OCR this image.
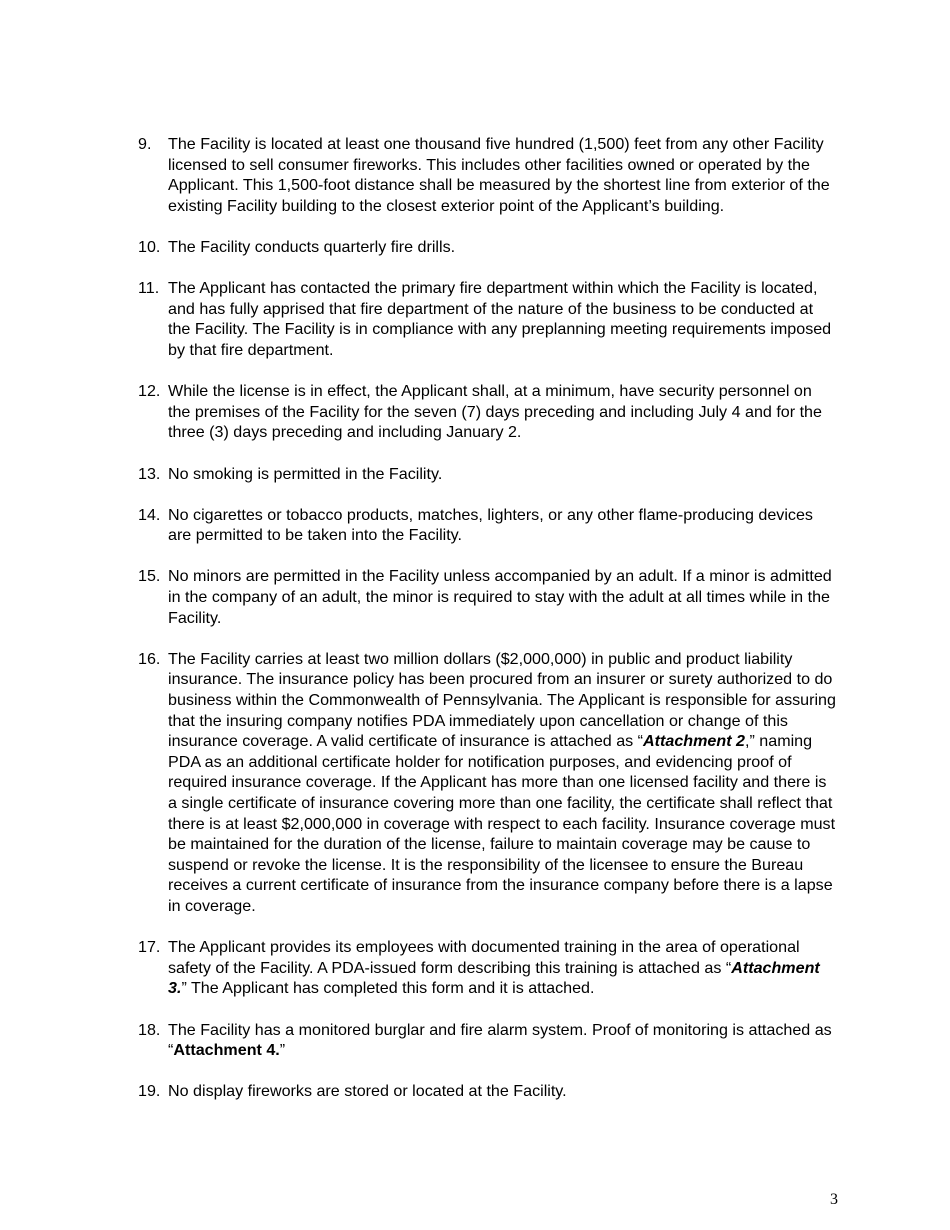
9.	The Facility is located at least one thousand five hundred (1,500) feet from any other Facility licensed to sell consumer fireworks. This includes other facilities owned or operated by the Applicant. This 1,500-foot distance shall be measured by the shortest line from exterior of the existing Facility building to the closest exterior point of the Applicant’s building.
10. The Facility conducts quarterly fire drills.
11. The Applicant has contacted the primary fire department within which the Facility is located, and has fully apprised that fire department of the nature of the business to be conducted at the Facility. The Facility is in compliance with any preplanning meeting requirements imposed by that fire department.
12. While the license is in effect, the Applicant shall, at a minimum, have security personnel on the premises of the Facility for the seven (7) days preceding and including July 4 and for the three (3) days preceding and including January 2.
13. No smoking is permitted in the Facility.
14. No cigarettes or tobacco products, matches, lighters, or any other flame-producing devices are permitted to be taken into the Facility.
15. No minors are permitted in the Facility unless accompanied by an adult. If a minor is admitted in the company of an adult, the minor is required to stay with the adult at all times while in the Facility.
16. The Facility carries at least two million dollars ($2,000,000) in public and product liability insurance. The insurance policy has been procured from an insurer or surety authorized to do business within the Commonwealth of Pennsylvania. The Applicant is responsible for assuring that the insuring company notifies PDA immediately upon cancellation or change of this insurance coverage. A valid certificate of insurance is attached as “Attachment 2,” naming PDA as an additional certificate holder for notification purposes, and evidencing proof of required insurance coverage. If the Applicant has more than one licensed facility and there is a single certificate of insurance covering more than one facility, the certificate shall reflect that there is at least $2,000,000 in coverage with respect to each facility. Insurance coverage must be maintained for the duration of the license, failure to maintain coverage may be cause to suspend or revoke the license. It is the responsibility of the licensee to ensure the Bureau receives a current certificate of insurance from the insurance company before there is a lapse in coverage.
17. The Applicant provides its employees with documented training in the area of operational safety of the Facility. A PDA-issued form describing this training is attached as “Attachment 3.” The Applicant has completed this form and it is attached.
18. The Facility has a monitored burglar and fire alarm system. Proof of monitoring is attached as “Attachment 4.”
19. No display fireworks are stored or located at the Facility.
3
